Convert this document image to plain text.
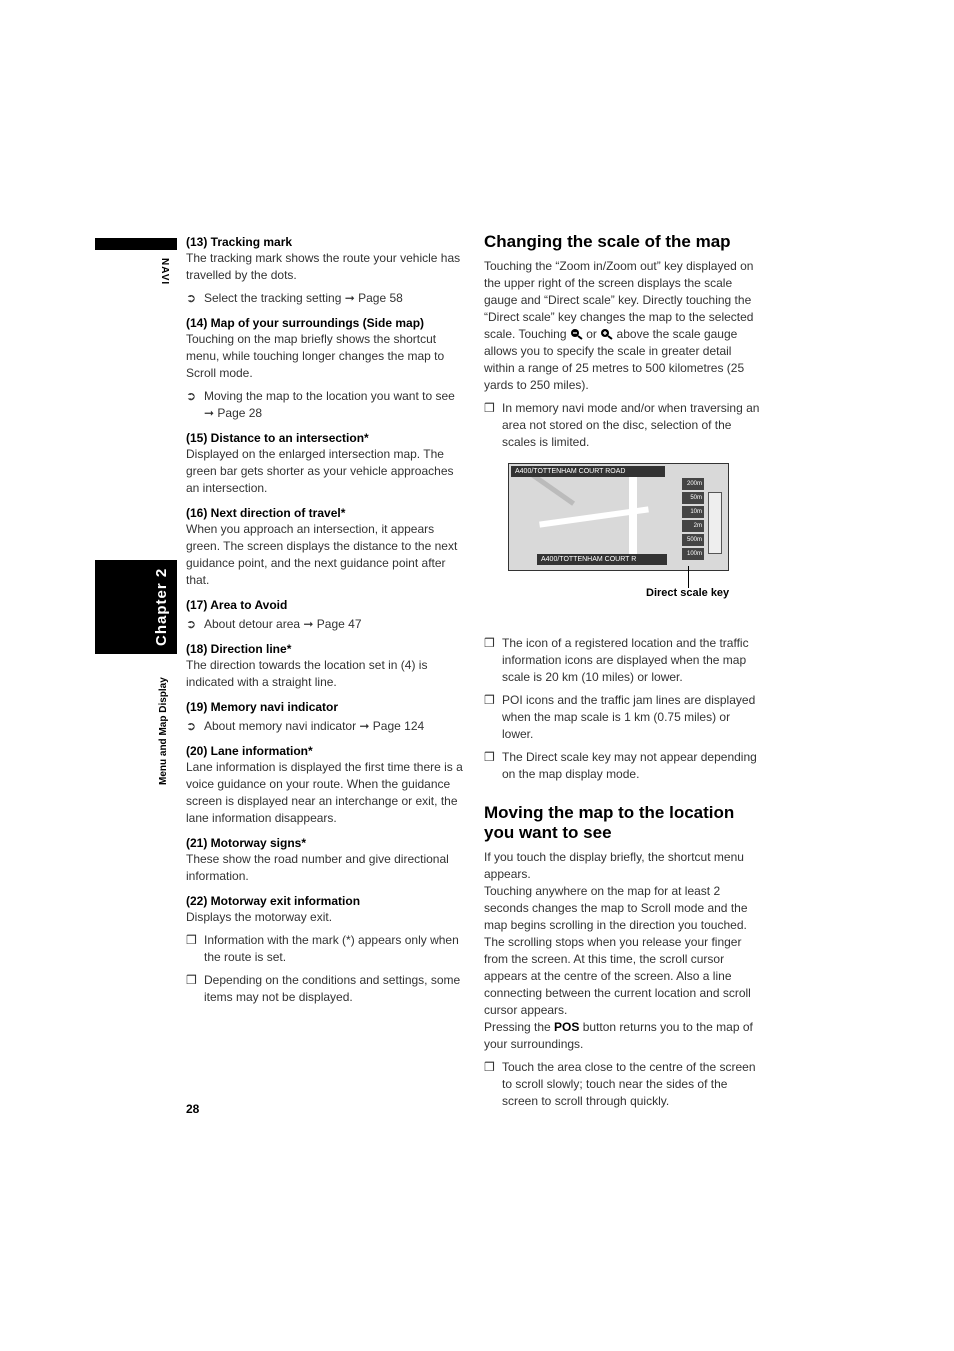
NAVI
Chapter 2
Menu and Map Display
(13) Tracking mark

The tracking mark shows the route your vehicle has travelled by the dots.

➲ Select the tracking setting ➞ Page 58
(14) Map of your surroundings (Side map)

Touching on the map briefly shows the shortcut menu, while touching longer changes the map to Scroll mode.

➲ Moving the map to the location you want to see ➞ Page 28
(15) Distance to an intersection*

Displayed on the enlarged intersection map. The green bar gets shorter as your vehicle approaches an intersection.

(16) Next direction of travel*

When you approach an intersection, it appears green. The screen displays the distance to the next guidance point, and the next guidance point after that.

(17) Area to Avoid
➲ About detour area ➞ Page 47
(18) Direction line*

The direction towards the location set in (4) is indicated with a straight line.

(19) Memory navi indicator
➲ About memory navi indicator ➞ Page 124
(20) Lane information*

Lane information is displayed the first time there is a voice guidance on your route. When the guidance screen is displayed near an interchange or exit, the lane information disappears.

(21) Motorway signs*

These show the road number and give directional information.

(22) Motorway exit information

Displays the motorway exit.

❒ Information with the mark (*) appears only when the route is set.
❒ Depending on the conditions and settings, some items may not be displayed.
Changing the scale of the map

Touching the “Zoom in/Zoom out” key displayed on the upper right of the screen displays the scale gauge and “Direct scale” key. Directly touching the “Direct scale” key changes the map to the selected scale. Touching or above the scale gauge allows you to specify the scale in greater detail within a range of 25 metres to 500 kilometres (25 yards to 250 miles).

❒ In memory navi mode and/or when traversing an area not stored on the disc, selection of the scales is limited.
A400/TOTTENHAM COURT ROAD
200m
50m
10m
2m
500m
100m
A400/TOTTENHAM COURT R
❒ The icon of a registered location and the traffic information icons are displayed when the map scale is 20 km (10 miles) or lower.
❒ POI icons and the traffic jam lines are displayed when the map scale is 1 km (0.75 miles) or lower.
❒ The Direct scale key may not appear depending on the map display mode.
Moving the map to the location you want to see

If you touch the display briefly, the shortcut menu appears.

Touching anywhere on the map for at least 2 seconds changes the map to Scroll mode and the map begins scrolling in the direction you touched. The scrolling stops when you release your finger from the screen. At this time, the scroll cursor appears at the centre of the screen. Also a line connecting between the current location and scroll cursor appears.

Pressing the POS button returns you to the map of your surroundings.

❒ Touch the area close to the centre of the screen to scroll slowly; touch near the sides of the screen to scroll through quickly.
Direct scale key
28
